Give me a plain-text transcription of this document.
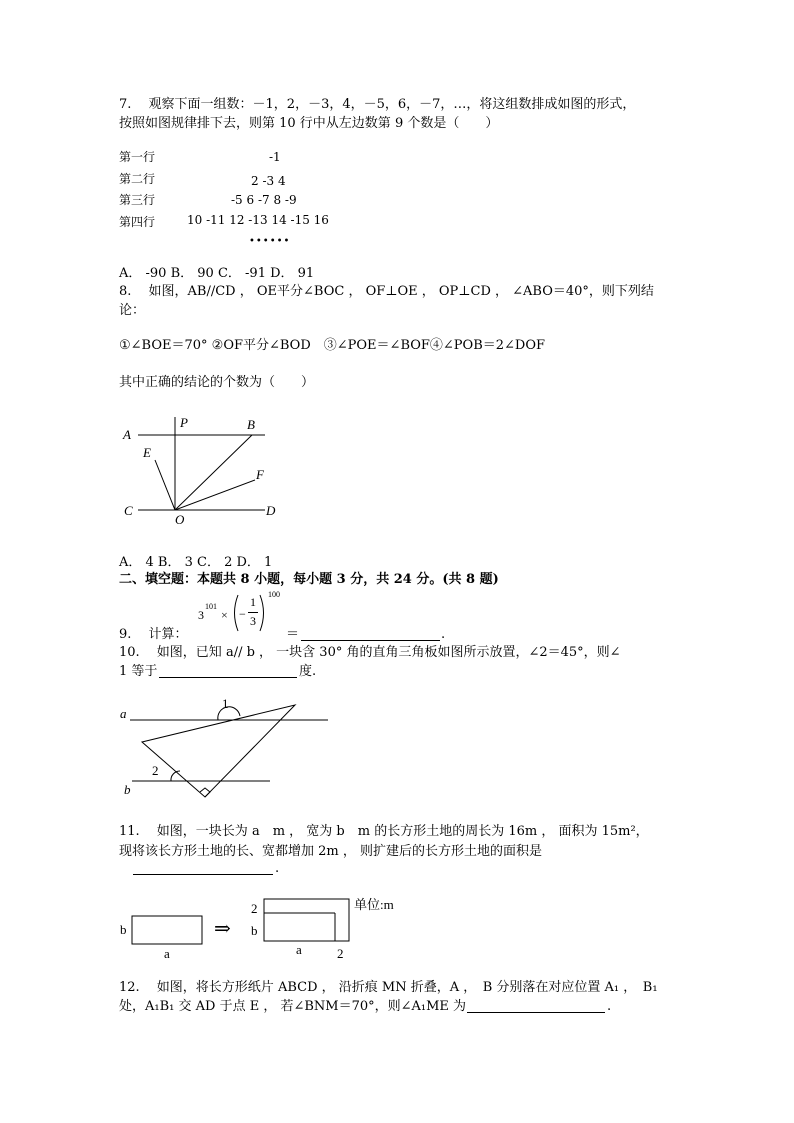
7.　 观察下面一组数：－1，2，－3，4，－5，6，－7，…，将这组数排成如图的形式，
按照如图规律排下去，则第 10 行中从左边数第 9 个数是（　　）
第一行	-1
第二行	2 -3 4
第三行	-5 6 -7 8 -9
第四行	10 -11 12 -13 14 -15 16
••••••
A． -90 B． 90 C． -91 D． 91
8.　 如图，AB//CD ， OE平分∠BOC ， OF⊥OE ， OP⊥CD ， ∠ABO＝40°，则下列结
论：
①∠BOE＝70° ②OF平分∠BOD　③∠POE＝∠BOF④∠POB＝2∠DOF
其中正确的结论的个数为（　　）
A
P	B
E
F
C
O
D
A． 4 B． 3 C． 2 D． 1
二、填空题：本题共 8 小题，每小题 3 分，共 24 分。(共 8 题)
9.　 计算：
3
101
× −
1
3
100
＝	.
10.　 如图，已知 a// b ， 一块含 30° 角的直角三角板如图所示放置，∠2＝45°，则∠
1 等于	度.
a
b
1
2
11.　 如图，一块长为 a　m ， 宽为 b　m 的长方形土地的周长为 16m ， 面积为 15m²，
现将该长方形土地的长、宽都增加 2m ， 则扩建后的长方形土地的面积是
.
b
a
⇒
2
b
a	2
单位:m
12.　 如图，将长方形纸片 ABCD ， 沿折痕 MN 折叠，A ，　B 分别落在对应位置 A₁ ，　B₁
处，A₁B₁ 交 AD 于点 E ， 若∠BNM＝70°，则∠A₁ME 为	.
